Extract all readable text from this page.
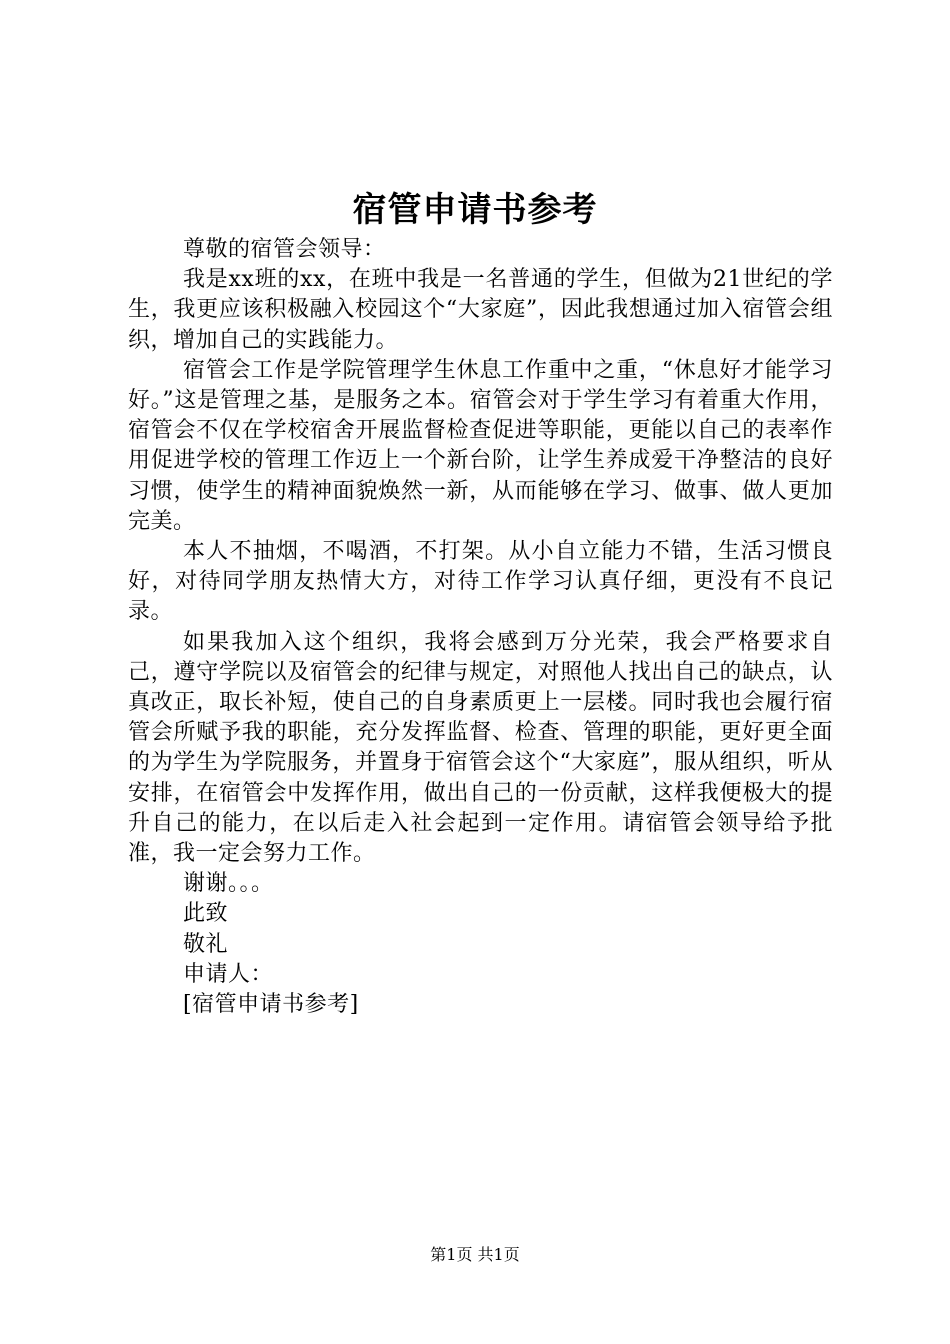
宿管申请书参考

尊敬的宿管会领导：

我是xx班的xx，在班中我是一名普通的学生，但做为21世纪的学生，我更应该积极融入校园这个“大家庭”，因此我想通过加入宿管会组织，增加自己的实践能力。

宿管会工作是学院管理学生休息工作重中之重，“休息好才能学习好。”这是管理之基，是服务之本。宿管会对于学生学习有着重大作用，宿管会不仅在学校宿舍开展监督检查促进等职能，更能以自己的表率作用促进学校的管理工作迈上一个新台阶，让学生养成爱干净整洁的良好习惯，使学生的精神面貌焕然一新，从而能够在学习、做事、做人更加完美。

本人不抽烟，不喝酒，不打架。从小自立能力不错，生活习惯良好，对待同学朋友热情大方，对待工作学习认真仔细，更没有不良记录。

如果我加入这个组织，我将会感到万分光荣，我会严格要求自己，遵守学院以及宿管会的纪律与规定，对照他人找出自己的缺点，认真改正，取长补短，使自己的自身素质更上一层楼。同时我也会履行宿管会所赋予我的职能，充分发挥监督、检查、管理的职能，更好更全面的为学生为学院服务，并置身于宿管会这个“大家庭”，服从组织，听从安排，在宿管会中发挥作用，做出自己的一份贡献，这样我便极大的提升自己的能力，在以后走入社会起到一定作用。请宿管会领导给予批准，我一定会努力工作。

谢谢。。。

此致

敬礼

申请人：

[宿管申请书参考]

第1页 共1页
